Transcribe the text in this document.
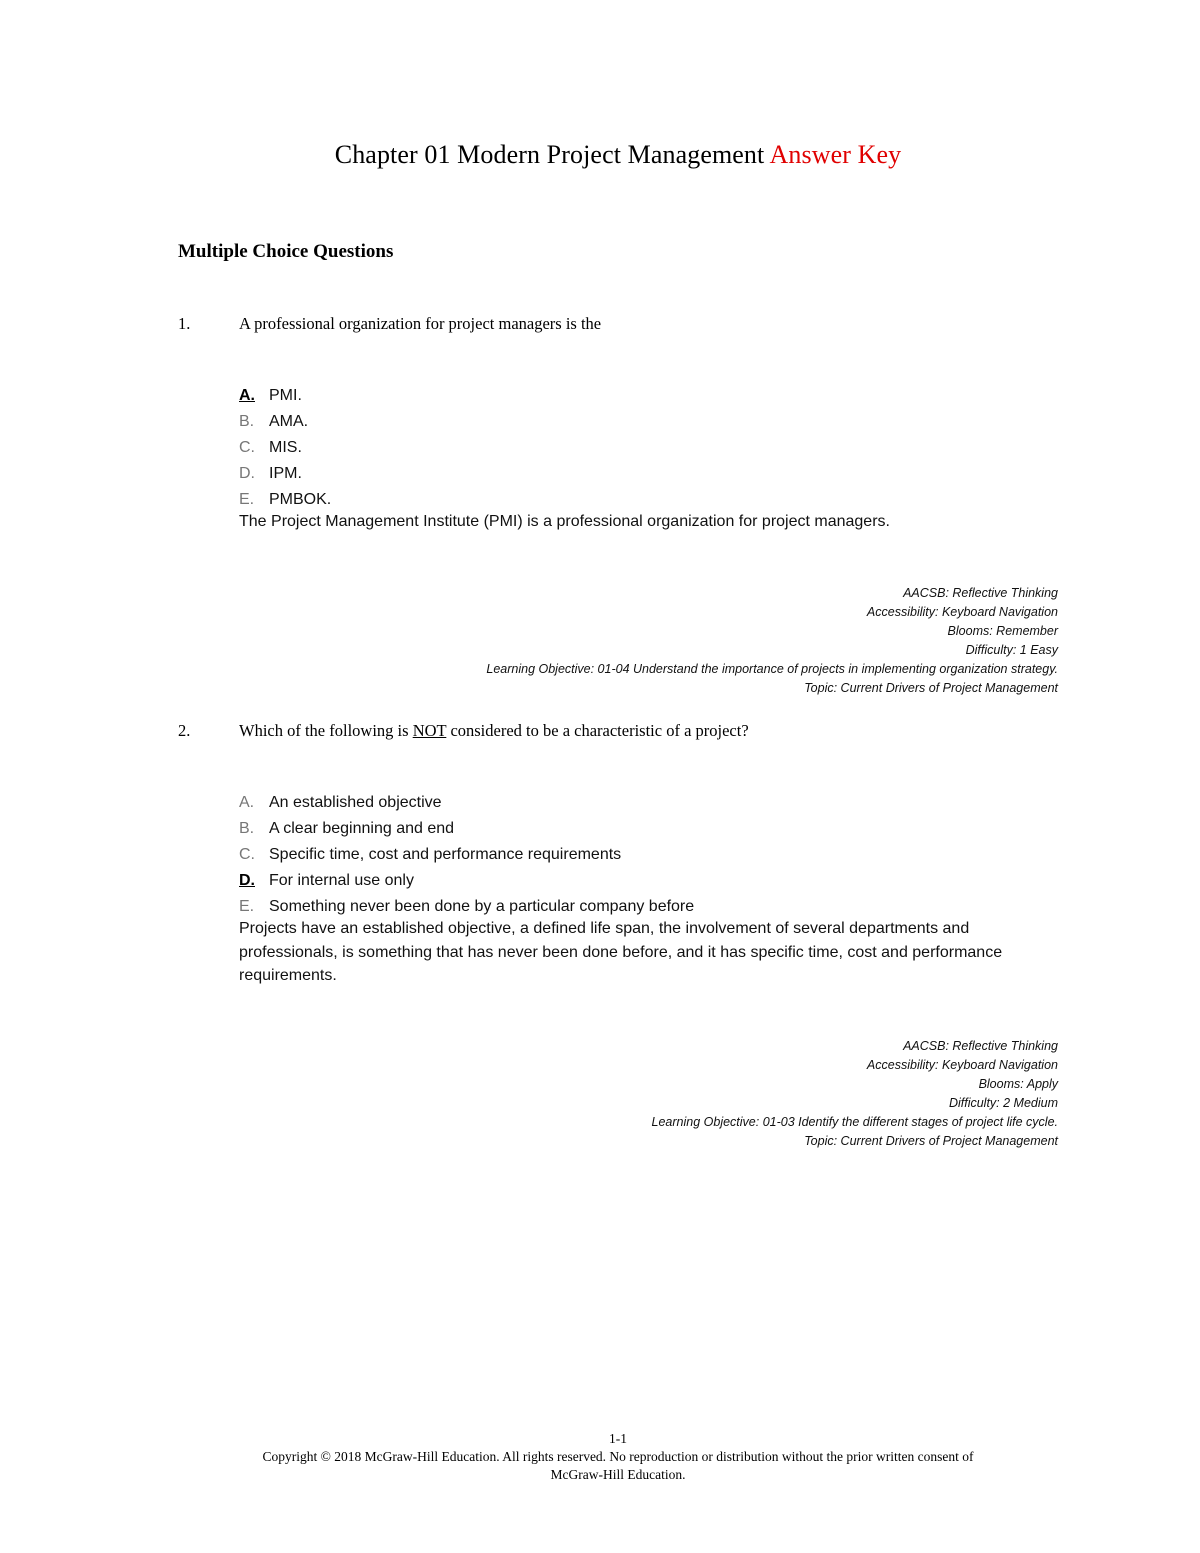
Chapter 01 Modern Project Management Answer Key
Multiple Choice Questions
1.	A professional organization for project managers is the
A. PMI.
B. AMA.
C. MIS.
D. IPM.
E. PMBOK.
The Project Management Institute (PMI) is a professional organization for project managers.
AACSB: Reflective Thinking
Accessibility: Keyboard Navigation
Blooms: Remember
Difficulty: 1 Easy
Learning Objective: 01-04 Understand the importance of projects in implementing organization strategy.
Topic: Current Drivers of Project Management
2.	Which of the following is NOT considered to be a characteristic of a project?
A. An established objective
B. A clear beginning and end
C. Specific time, cost and performance requirements
D. For internal use only
E. Something never been done by a particular company before
Projects have an established objective, a defined life span, the involvement of several departments and professionals, is something that has never been done before, and it has specific time, cost and performance requirements.
AACSB: Reflective Thinking
Accessibility: Keyboard Navigation
Blooms: Apply
Difficulty: 2 Medium
Learning Objective: 01-03 Identify the different stages of project life cycle.
Topic: Current Drivers of Project Management
1-1
Copyright © 2018 McGraw-Hill Education. All rights reserved. No reproduction or distribution without the prior written consent of
McGraw-Hill Education.
